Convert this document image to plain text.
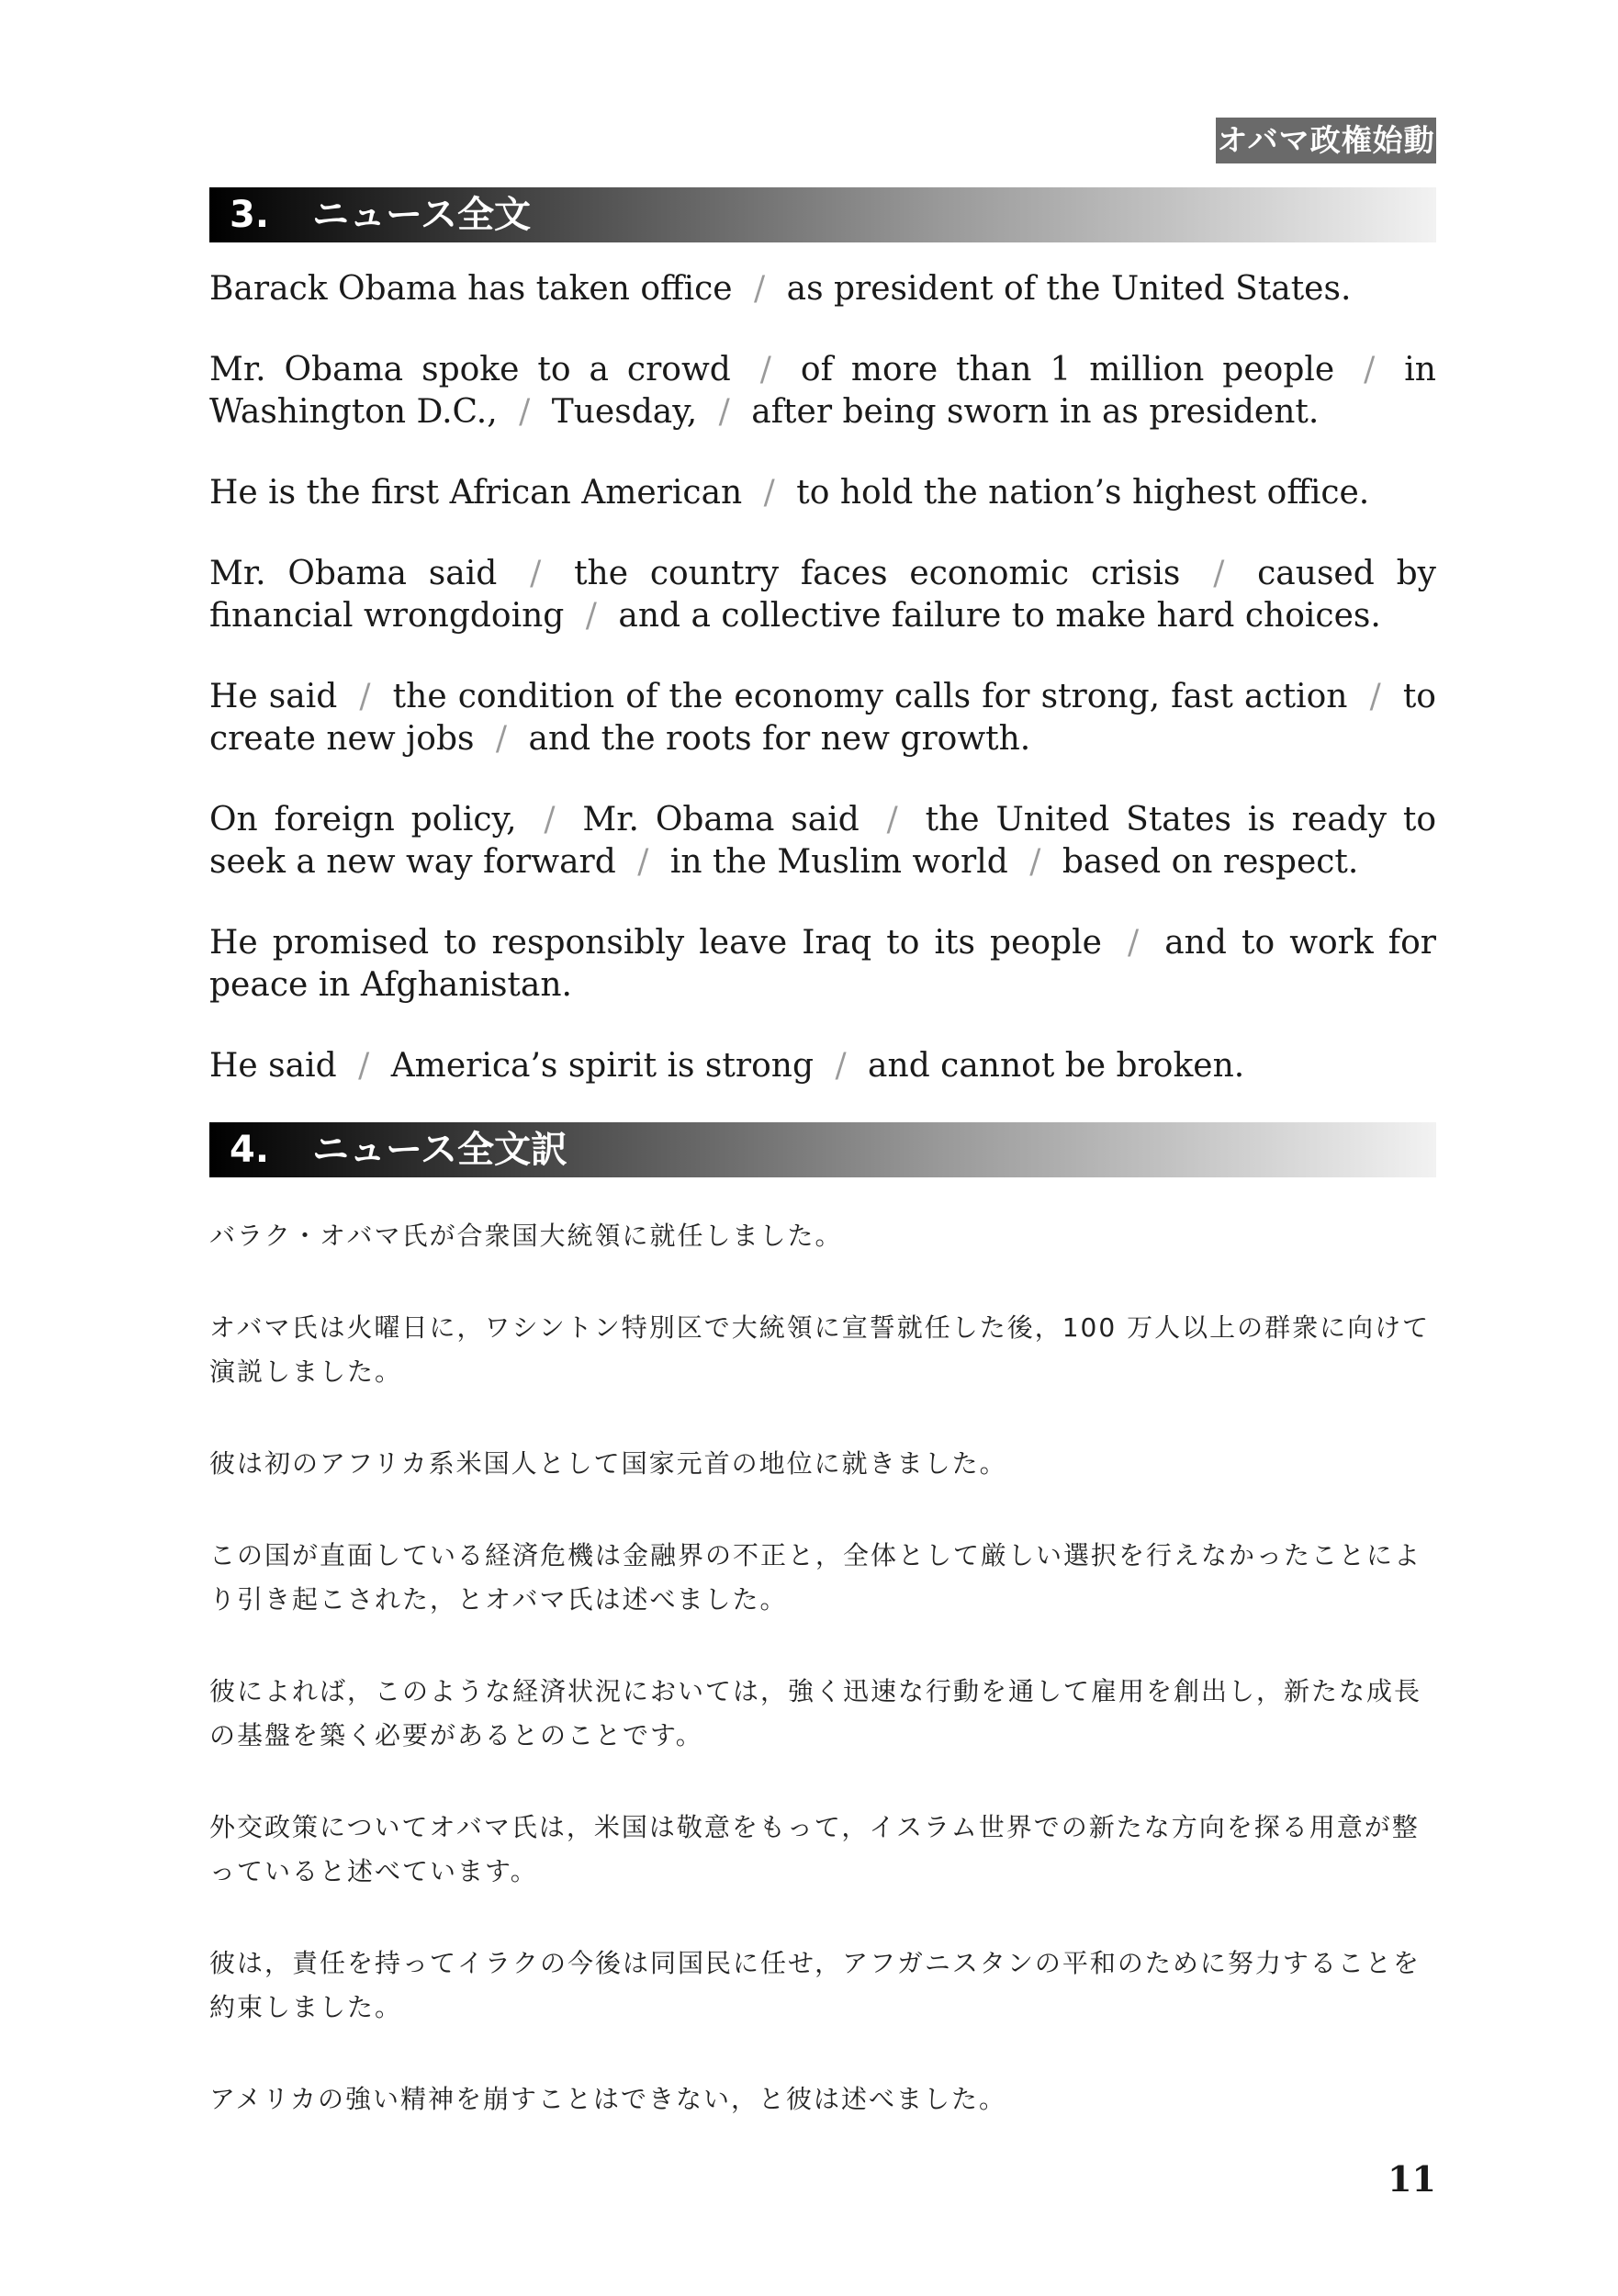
オバマ政権始動
3. ニュース全文

Barack Obama has taken office / as president of the United States.

Mr. Obama spoke to a crowd / of more than 1 million people / in Washington D.C., / Tuesday, / after being sworn in as president.

He is the first African American / to hold the nation’s highest office.

Mr. Obama said / the country faces economic crisis / caused by financial wrongdoing / and a collective failure to make hard choices.

He said / the condition of the economy calls for strong, fast action / to create new jobs / and the roots for new growth.

On foreign policy, / Mr. Obama said / the United States is ready to seek a new way forward / in the Muslim world / based on respect.

He promised to responsibly leave Iraq to its people / and to work for peace in Afghanistan.

He said / America’s spirit is strong / and cannot be broken.

4. ニュース全文訳

バラク・オバマ氏が合衆国大統領に就任しました。

オバマ氏は火曜日に，ワシントン特別区で大統領に宣誓就任した後，100 万人以上の群衆に向けて演説しました。

彼は初のアフリカ系米国人として国家元首の地位に就きました。

この国が直面している経済危機は金融界の不正と，全体として厳しい選択を行えなかったことにより引き起こされた，とオバマ氏は述べました。

彼によれば，このような経済状況においては，強く迅速な行動を通して雇用を創出し，新たな成長の基盤を築く必要があるとのことです。

外交政策についてオバマ氏は，米国は敬意をもって，イスラム世界での新たな方向を探る用意が整っていると述べています。

彼は，責任を持ってイラクの今後は同国民に任せ，アフガニスタンの平和のために努力することを約束しました。

アメリカの強い精神を崩すことはできない，と彼は述べました。

11
